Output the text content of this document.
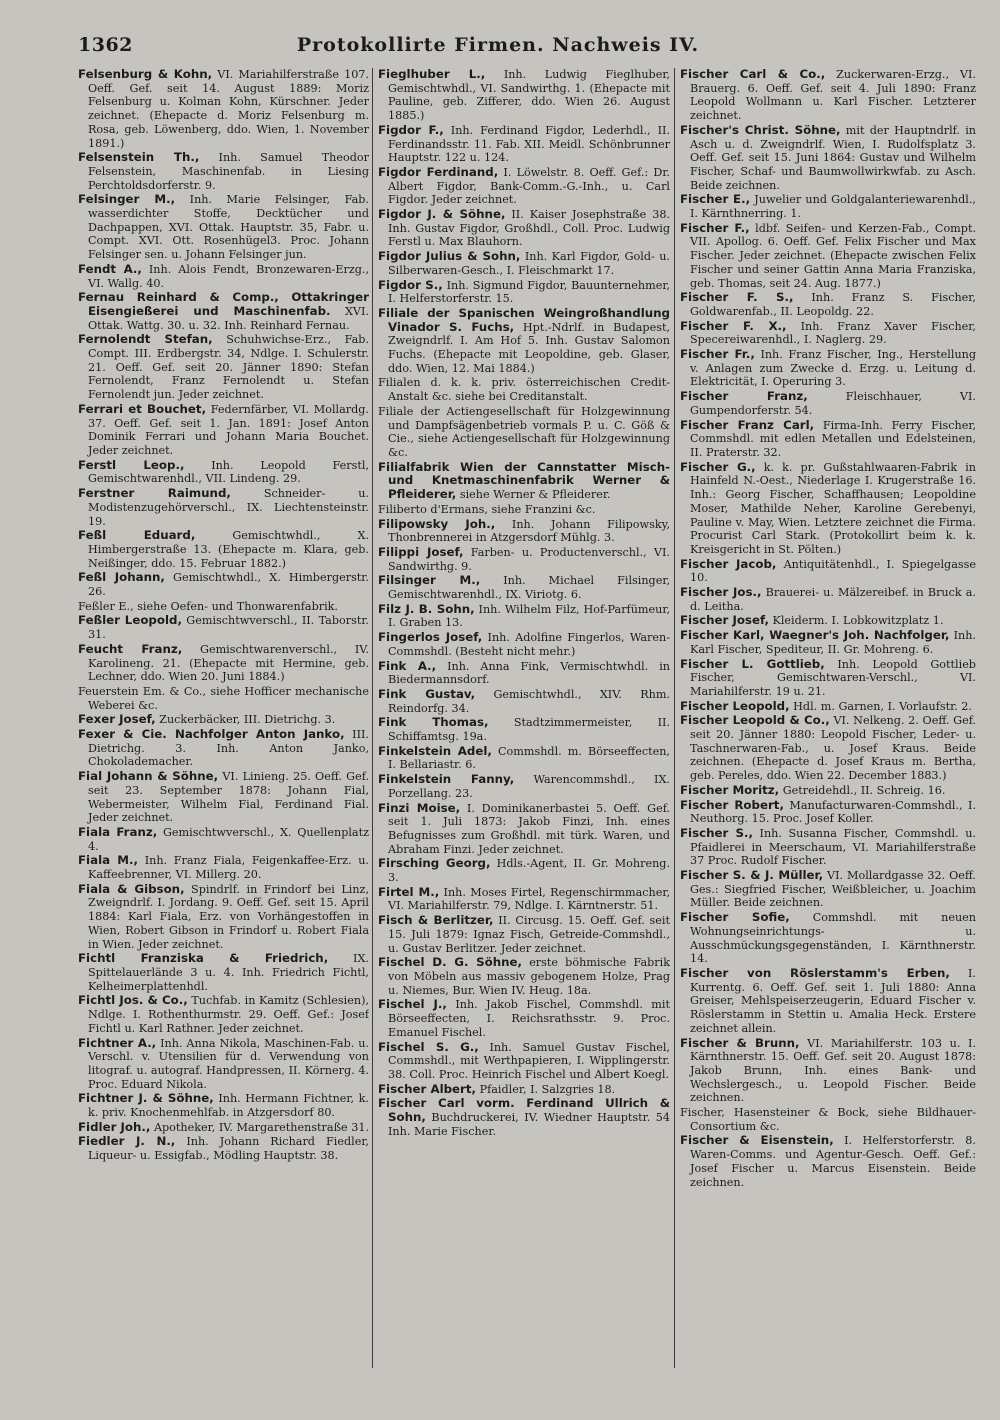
1362	Protokollirte Firmen. Nachweis IV.

Felsenburg & Kohn, VI. Mariahilferstraße 107. Oeff. Gef. seit 14. August 1889: Moriz Felsenburg u. Kolman Kohn, Kürschner. Jeder zeichnet. (Ehepacte d. Moriz Felsenburg m. Rosa, geb. Löwenberg, ddo. Wien, 1. November 1891.)

Felsenstein Th., Inh. Samuel Theodor Felsenstein, Maschinenfab. in Liesing Perchtoldsdorferstr. 9.

Felsinger M., Inh. Marie Felsinger, Fab. wasserdichter Stoffe, Decktücher und Dachpappen, XVI. Ottak. Hauptstr. 35, Fabr. u. Compt. XVI. Ott. Rosenhügel3. Proc. Johann Felsinger sen. u. Johann Felsinger jun.

Fendt A., Inh. Alois Fendt, Bronzewaren-Erzg., VI. Wallg. 40.

Fernau Reinhard & Comp., Ottakringer Eisengießerei und Maschinenfab. XVI. Ottak. Wattg. 30. u. 32. Inh. Reinhard Fernau.

Fernolendt Stefan, Schuhwichse-Erz., Fab. Compt. III. Erdbergstr. 34, Ndlge. I. Schulerstr. 21. Oeff. Gef. seit 20. Jänner 1890: Stefan Fernolendt, Franz Fernolendt u. Stefan Fernolendt jun. Jeder zeichnet.

Ferrari et Bouchet, Federnfärber, VI. Mollardg. 37. Oeff. Gef. seit 1. Jan. 1891: Josef Anton Dominik Ferrari und Johann Maria Bouchet. Jeder zeichnet.

Ferstl Leop., Inh. Leopold Ferstl, Gemischtwarenhdl., VII. Lindeng. 29.

Ferstner Raimund,	Schneider- u. Modistenzugehörverschl., IX. Liechtensteinstr. 19.

Feßl Eduard,	Gemischtwhdl., X. Himbergerstraße 13. (Ehepacte m. Klara, geb. Neißinger, ddo. 15. Februar 1882.)

Feßl Johann, Gemischtwhdl., X. Himbergerstr. 26.

Feßler E., siehe Oefen- und Thonwarenfabrik.

Feßler Leopold, Gemischtwverschl., II. Taborstr. 31.

Feucht Franz, Gemischtwarenverschl., IV. Karolineng. 21. (Ehepacte mit Hermine, geb. Lechner, ddo. Wien 20. Juni 1884.)

Feuerstein Em. & Co., siehe Hofficer mechanische Weberei &c.

Fexer Josef, Zuckerbäcker, III. Dietrichg. 3.

Fexer & Cie. Nachfolger Anton Janko, III. Dietrichg. 3. Inh. Anton Janko, Chokolademacher.

Fial Johann & Söhne, VI. Linieng. 25. Oeff. Gef. seit 23. September 1878: Johann Fial, Webermeister, Wilhelm Fial, Ferdinand Fial. Jeder zeichnet.

Fiala Franz, Gemischtwverschl., X. Quellenplatz 4.

Fiala M., Inh. Franz Fiala, Feigenkaffee-Erz. u. Kaffeebrenner, VI. Millerg. 20.

Fiala & Gibson, Spindrlf. in Frindorf bei Linz, Zweigndrlf. I. Jordang. 9. Oeff. Gef. seit 15. April 1884: Karl Fiala, Erz. von Vorhängestoffen in Wien, Robert Gibson in Frindorf u. Robert Fiala in Wien. Jeder zeichnet.

Fichtl Franziska & Friedrich, IX. Spittelauerlände 3 u. 4. Inh. Friedrich Fichtl, Kelheimerplattenhdl.

Fichtl Jos. & Co., Tuchfab. in Kamitz (Schlesien), Ndlge. I. Rothenthurmstr. 29. Oeff. Gef.: Josef Fichtl u. Karl Rathner. Jeder zeichnet.

Fichtner A., Inh. Anna Nikola, Maschinen-Fab. u. Verschl. v. Utensilien für d. Verwendung von litograf. u. autograf. Handpressen, II. Körnerg. 4. Proc. Eduard Nikola.

Fichtner J. & Söhne, Inh. Hermann Fichtner, k. k. priv. Knochenmehlfab. in Atzgersdorf 80.

Fidler Joh., Apotheker, IV. Margarethenstraße 31.

Fiedler J. N., Inh. Johann Richard Fiedler, Liqueur- u. Essigfab., Mödling Hauptstr. 38.

Fieglhuber L., Inh. Ludwig Fieglhuber, Gemischtwhdl., VI. Sandwirthg. 1. (Ehepacte mit Pauline, geb. Zifferer, ddo. Wien 26. August 1885.)

Figdor F., Inh. Ferdinand Figdor, Lederhdl., II. Ferdinandsstr. 11. Fab. XII. Meidl. Schönbrunner Hauptstr. 122 u. 124.

Figdor Ferdinand, I. Löwelstr. 8. Oeff. Gef.: Dr. Albert Figdor, Bank-Comm.-G.-Inh., u. Carl Figdor. Jeder zeichnet.

Figdor J. & Söhne, II. Kaiser Josephstraße 38. Inh. Gustav Figdor, Großhdl., Coll. Proc. Ludwig Ferstl u. Max Blauhorn.

Figdor Julius & Sohn, Inh. Karl Figdor, Gold- u. Silberwaren-Gesch., I. Fleischmarkt 17.

Figdor S., Inh. Sigmund Figdor, Bauunternehmer, I. Helferstorferstr. 15.

Filiale der Spanischen Weingroßhandlung Vinador S. Fuchs, Hpt.-Ndrlf. in Budapest, Zweigndrlf. I. Am Hof 5. Inh. Gustav Salomon Fuchs. (Ehepacte mit Leopoldine, geb. Glaser, ddo. Wien, 12. Mai 1884.)

Filialen d. k. k. priv. österreichischen Credit-Anstalt &c. siehe bei Creditanstalt.

Filiale der Actiengesellschaft für Holzgewinnung und Dampfsägenbetrieb vormals P. u. C. Göß & Cie., siehe Actiengesellschaft für Holzgewinnung &c.

Filialfabrik Wien der Cannstatter Misch- und Knetmaschinenfabrik Werner & Pfleiderer, siehe Werner & Pfleiderer.

Filiberto d'Ermans, siehe Franzini &c.

Filipowsky Joh., Inh. Johann Filipowsky, Thonbrennerei in Atzgersdorf Mühlg. 3.

Filippi Josef, Farben- u. Productenverschl., VI. Sandwirthg. 9.

Filsinger M., Inh. Michael Filsinger, Gemischtwarenhdl., IX. Viriotg. 6.

Filz J. B. Sohn, Inh. Wilhelm Filz, Hof-Parfümeur, I. Graben 13.

Fingerlos Josef, Inh. Adolfine Fingerlos, Waren-Commshdl. (Besteht nicht mehr.)

Fink A., Inh. Anna Fink, Vermischtwhdl. in Biedermannsdorf.

Fink Gustav, Gemischtwhdl., XIV. Rhm. Reindorfg. 34.

Fink Thomas, Stadtzimmermeister, II. Schiffamtsg. 19a.

Finkelstein Adel, Commshdl. m. Börseeffecten, I. Bellariastr. 6.

Finkelstein Fanny, Warencommshdl., IX. Porzellang. 23.

Finzi Moise, I. Dominikanerbastei 5. Oeff. Gef. seit 1. Juli 1873: Jakob Finzi, Inh. eines Befugnisses zum Großhdl. mit türk. Waren, und Abraham Finzi. Jeder zeichnet.

Firsching Georg, Hdls.-Agent, II. Gr. Mohreng. 3.

Firtel M., Inh. Moses Firtel, Regenschirmmacher, VI. Mariahilferstr. 79, Ndlge. I. Kärntnerstr. 51.

Fisch & Berlitzer, II. Circusg. 15. Oeff. Gef. seit 15. Juli 1879: Ignaz Fisch, Getreide-Commshdl., u. Gustav Berlitzer. Jeder zeichnet.

Fischel D. G. Söhne, erste böhmische Fabrik von Möbeln aus massiv gebogenem Holze, Prag u. Niemes, Bur. Wien IV. Heug. 18a.

Fischel J., Inh. Jakob Fischel, Commshdl. mit Börseeffecten, I. Reichsrathsstr. 9. Proc. Emanuel Fischel.

Fischel S. G., Inh. Samuel Gustav Fischel, Commshdl., mit Werthpapieren, I. Wipplingerstr. 38. Coll. Proc. Heinrich Fischel und Albert Koegl.

Fischer Albert, Pfaidler, I. Salzgries 18.

Fischer Carl vorm. Ferdinand Ullrich & Sohn, Buchdruckerei, IV. Wiedner Hauptstr. 54 Inh. Marie Fischer.

Fischer Carl & Co., Zuckerwaren-Erzg., VI. Brauerg. 6. Oeff. Gef. seit 4. Juli 1890: Franz Leopold Wollmann u. Karl Fischer. Letzterer zeichnet.

Fischer's Christ. Söhne, mit der Hauptndrlf. in Asch u. d. Zweigndrlf. Wien, I. Rudolfsplatz 3. Oeff. Gef. seit 15. Juni 1864: Gustav und Wilhelm Fischer, Schaf- und Baumwollwirkwfab. zu Asch. Beide zeichnen.

Fischer E., Juwelier und Goldgalanteriewarenhdl., I. Kärnthnerring. 1.

Fischer F., ldbf. Seifen- und Kerzen-Fab., Compt. VII. Apollog. 6. Oeff. Gef. Felix Fischer und Max Fischer. Jeder zeichnet. (Ehepacte zwischen Felix Fischer und seiner Gattin Anna Maria Franziska, geb. Thomas, seit 24. Aug. 1877.)

Fischer F. S., Inh. Franz S. Fischer, Goldwarenfab., II. Leopoldg. 22.

Fischer F. X., Inh. Franz Xaver Fischer, Specereiwarenhdl., I. Naglerg. 29.

Fischer Fr., Inh. Franz Fischer, Ing., Herstellung v. Anlagen zum Zwecke d. Erzg. u. Leitung d. Elektricität, I. Operuring 3.

Fischer Franz,	Fleischhauer, VI. Gumpendorferstr. 54.

Fischer Franz Carl, Firma-Inh. Ferry Fischer, Commshdl. mit edlen Metallen und Edelsteinen, II. Praterstr. 32.

Fischer G., k. k. pr. Gußstahlwaaren-Fabrik in Hainfeld N.-Oest., Niederlage I. Krugerstraße 16. Inh.: Georg Fischer, Schaffhausen; Leopoldine Moser, Mathilde Neher, Karoline Gerebenyi, Pauline v. May, Wien. Letztere zeichnet die Firma. Procurist Carl Stark. (Protokollirt beim k. k. Kreisgericht in St. Pölten.)

Fischer Jacob, Antiquitätenhdl., I. Spiegelgasse 10.

Fischer Jos., Brauerei- u. Mälzereibef. in Bruck a. d. Leitha.

Fischer Josef, Kleiderm. I. Lobkowitzplatz 1.

Fischer Karl, Waegner's Joh. Nachfolger, Inh. Karl Fischer, Spediteur, II. Gr. Mohreng. 6.

Fischer L. Gottlieb, Inh. Leopold Gottlieb Fischer, Gemischtwaren-Verschl., VI. Mariahilferstr. 19 u. 21.

Fischer Leopold, Hdl. m. Garnen, I. Vorlaufstr. 2.

Fischer Leopold & Co., VI. Nelkeng. 2. Oeff. Gef. seit 20. Jänner 1880: Leopold Fischer, Leder- u. Taschnerwaren-Fab., u. Josef Kraus. Beide zeichnen. (Ehepacte d. Josef Kraus m. Bertha, geb. Pereles, ddo. Wien 22. December 1883.)

Fischer Moritz, Getreidehdl., II. Schreig. 16.

Fischer Robert, Manufacturwaren-Commshdl., I. Neuthorg. 15. Proc. Josef Koller.

Fischer S., Inh. Susanna Fischer, Commshdl. u. Pfaidlerei in Meerschaum, VI. Mariahilferstraße 37 Proc. Rudolf Fischer.

Fischer S. & J. Müller, VI. Mollardgasse 32. Oeff. Ges.: Siegfried Fischer, Weißbleicher, u. Joachim Müller. Beide zeichnen.

Fischer Sofie, Commshdl. mit neuen Wohnungseinrichtungs- u. Ausschmückungsgegenständen, I. Kärnthnerstr. 14.

Fischer von Röslerstamm's Erben, I. Kurrentg. 6. Oeff. Gef. seit 1. Juli 1880: Anna Greiser, Mehlspeiserzeugerin, Eduard Fischer v. Röslerstamm in Stettin u. Amalia Heck. Erstere zeichnet allein.

Fischer & Brunn, VI. Mariahilferstr. 103 u. I. Kärnthnerstr. 15. Oeff. Gef. seit 20. August 1878: Jakob Brunn, Inh. eines Bank- und Wechslergesch., u. Leopold Fischer. Beide zeichnen.

Fischer, Hasensteiner & Bock, siehe Bildhauer-Consortium &c.

Fischer & Eisenstein, I. Helferstorferstr. 8. Waren-Comms. und Agentur-Gesch. Oeff. Gef.: Josef Fischer u. Marcus Eisenstein. Beide zeichnen.
